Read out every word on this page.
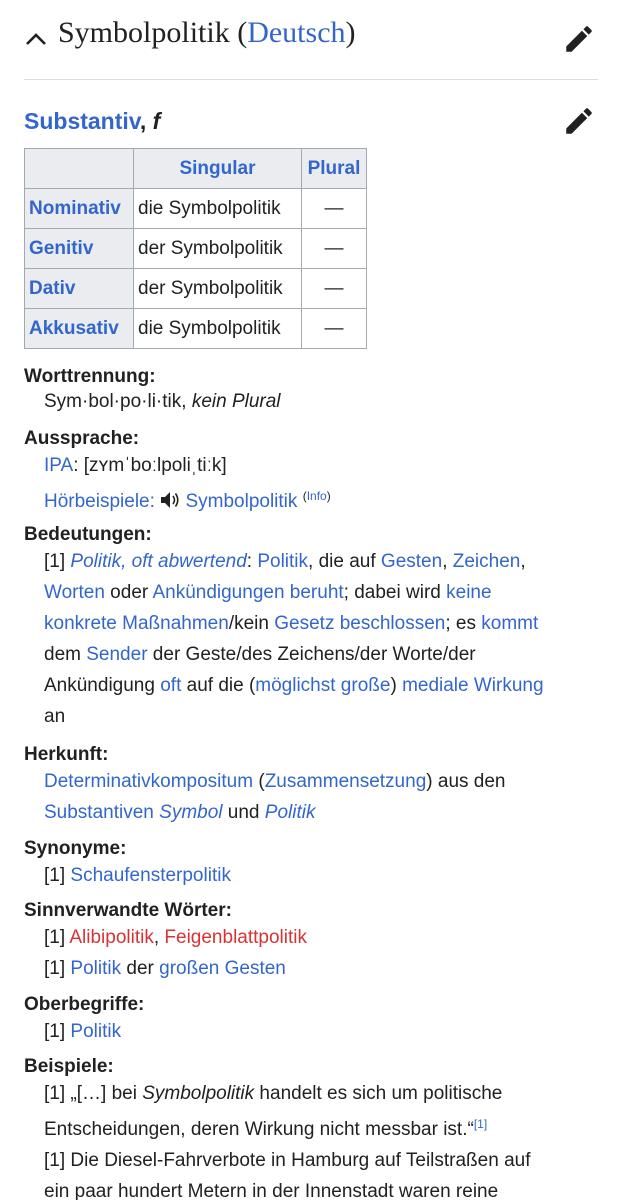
Symbolpolitik (Deutsch)
Substantiv, f
	Singular	Plural
Nominativ	die Symbolpolitik	—
Genitiv	der Symbolpolitik	—
Dativ	der Symbolpolitik	—
Akkusativ	die Symbolpolitik	—
Worttrennung:
Sym·bol·po·li·tik, kein Plural
Aussprache:
IPA: [zʏmˈboːlpoliˌtiːk]
Hörbeispiele: Symbolpolitik $^{(Info)}$
Bedeutungen:
[1] Politik, oft abwertend: Politik, die auf Gesten, Zeichen,
Worten oder Ankündigungen beruht; dabei wird keine
konkrete Maßnahmen/kein Gesetz beschlossen; es kommt
dem Sender der Geste/des Zeichens/der Worte/der
Ankündigung oft auf die (möglichst große) mediale Wirkung
an
Herkunft:
Determinativkompositum (Zusammensetzung) aus den
Substantiven Symbol und Politik
Synonyme:
[1] Schaufensterpolitik
Sinnverwandte Wörter:
[1] Alibipolitik, Feigenblattpolitik
[1] Politik der großen Gesten
Oberbegriffe:
[1] Politik
Beispiele:
[1] „[…] bei Symbolpolitik handelt es sich um politische
Entscheidungen, deren Wirkung nicht messbar ist.“[1]
[1] Die Diesel-Fahrverbote in Hamburg auf Teilstraßen auf
ein paar hundert Metern in der Innenstadt waren reine
